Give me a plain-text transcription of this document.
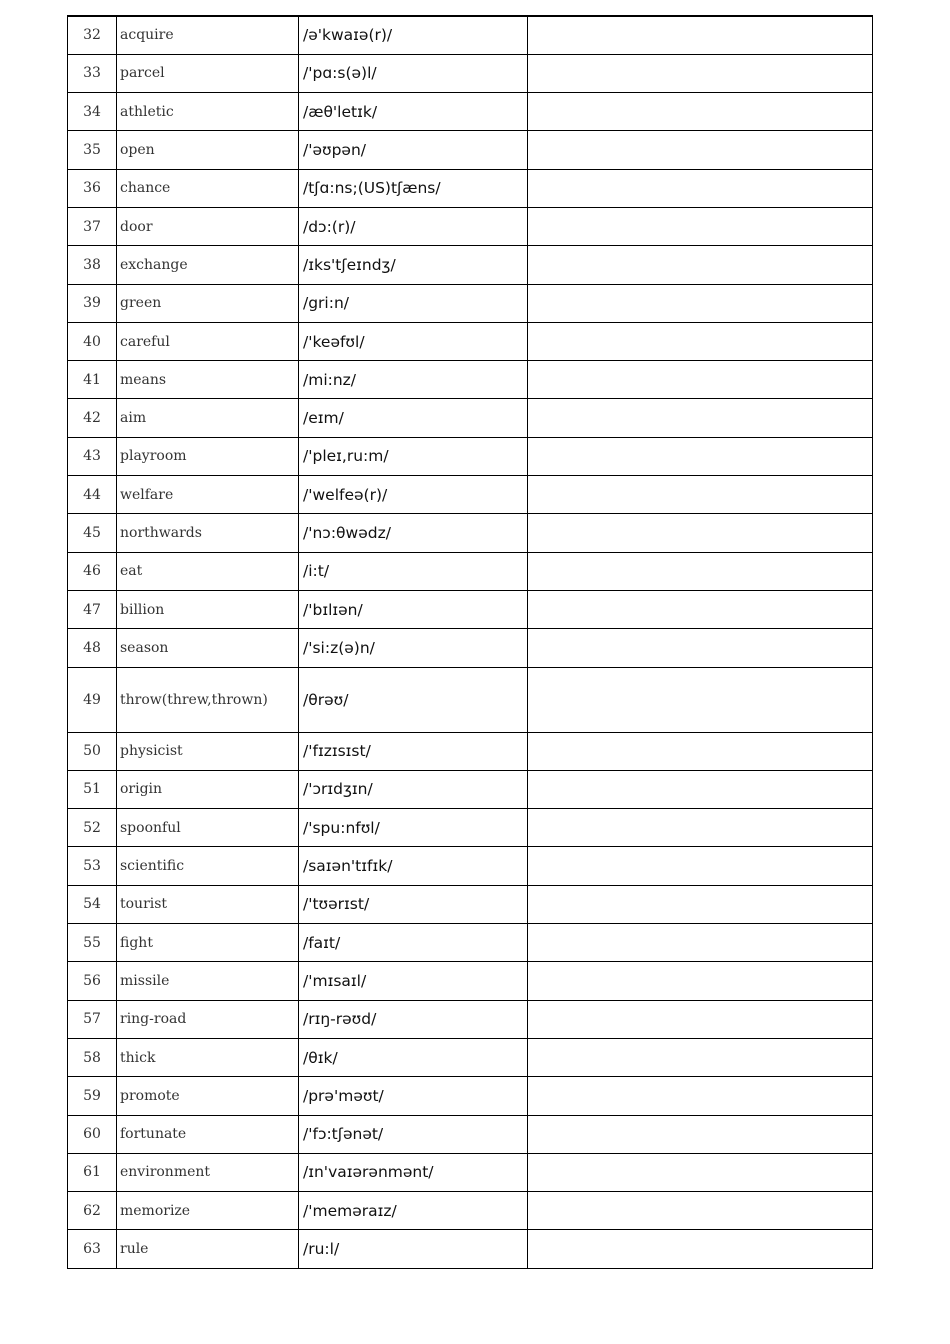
32	acquire	/ə'kwaɪə(r)/	
33	parcel	/'pɑ:s(ə)l/	
34	athletic	/æθ'letɪk/	
35	open	/'əʊpən/	
36	chance	/tʃɑ:ns;(US)tʃæns/	
37	door	/dɔ:(r)/	
38	exchange	/ɪks'tʃeɪndʒ/	
39	green	/gri:n/	
40	careful	/'keəfʊl/	
41	means	/mi:nz/	
42	aim	/eɪm/	
43	playroom	/'pleɪ,ru:m/	
44	welfare	/'welfeə(r)/	
45	northwards	/'nɔ:θwədz/	
46	eat	/i:t/	
47	billion	/'bɪlɪən/	
48	season	/'si:z(ə)n/	
49	throw(threw,thrown)	/θrəʊ/	
50	physicist	/'fɪzɪsɪst/	
51	origin	/'ɔrɪdʒɪn/	
52	spoonful	/'spu:nfʊl/	
53	scientific	/saɪən'tɪfɪk/	
54	tourist	/'tʊərɪst/	
55	fight	/faɪt/	
56	missile	/'mɪsaɪl/	
57	ring-road	/rɪŋ-rəʊd/	
58	thick	/θɪk/	
59	promote	/prə'məʊt/	
60	fortunate	/'fɔ:tʃənət/	
61	environment	/ɪn'vaɪərənmənt/	
62	memorize	/'meməraɪz/	
63	rule	/ru:l/	
